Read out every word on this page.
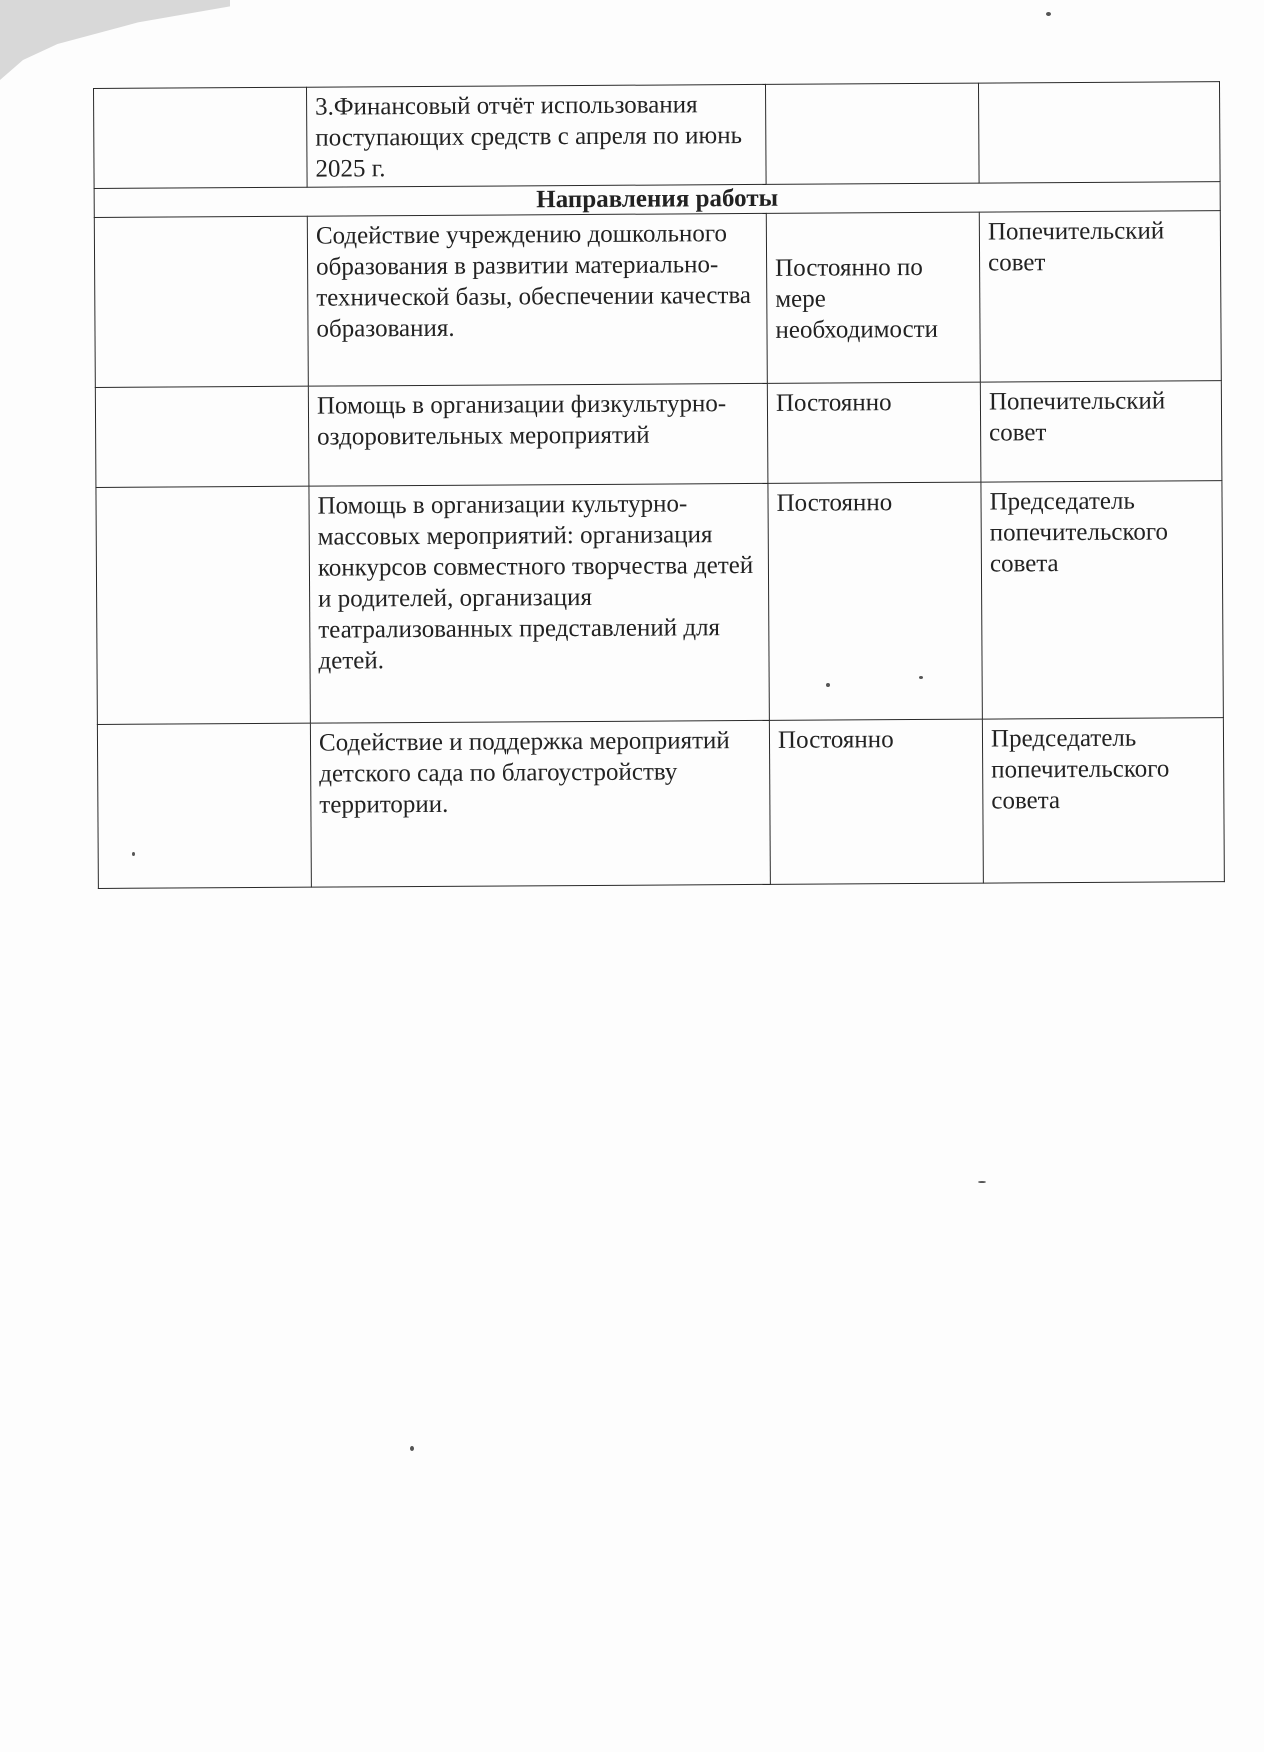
	3.Финансовый отчёт использования поступающих средств с апреля по июнь 2025 г.		
Направления работы			
	Содействие учреждению дошкольного образования в развитии материально-технической базы, обеспечении качества образования.	Постоянно по мере необходимости	Попечительский совет
	Помощь в организации физкультурно-оздоровительных мероприятий	Постоянно	Попечительский совет
	Помощь в организации культурно-массовых мероприятий: организация конкурсов совместного творчества детей и родителей, организация театрализованных представлений для детей.	Постоянно	Председатель попечительского совета
	Содействие и поддержка мероприятий детского сада по благоустройству территории.	Постоянно	Председатель попечительского совета
